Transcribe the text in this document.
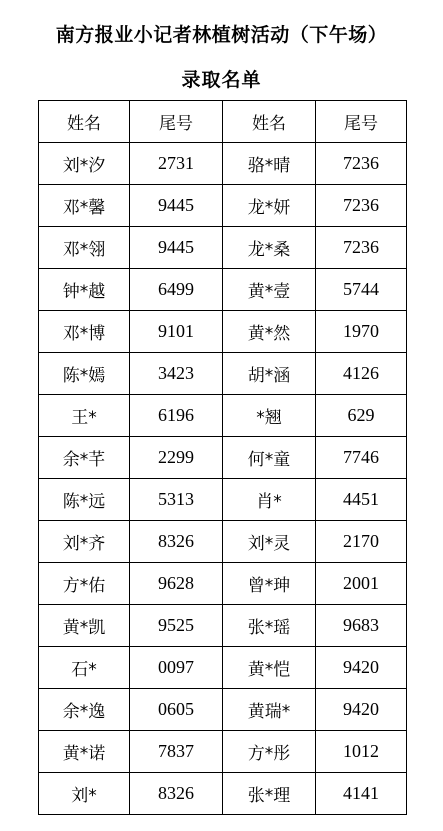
南方报业小记者林植树活动（下午场）
录取名单
姓名	尾号	姓名	尾号
刘*汐	2731	骆*晴	7236
邓*馨	9445	龙*妍	7236
邓*翎	9445	龙*桑	7236
钟*越	6499	黄*壹	5744
邓*博	9101	黄*然	1970
陈*嫣	3423	胡*涵	4126
王*	6196	*翘	629
余*芊	2299	何*童	7746
陈*远	5313	肖*	4451
刘*齐	8326	刘*灵	2170
方*佑	9628	曾*珅	2001
黄*凯	9525	张*瑶	9683
石*	0097	黄*恺	9420
余*逸	0605	黄瑞*	9420
黄*诺	7837	方*彤	1012
刘*	8326	张*理	4141
